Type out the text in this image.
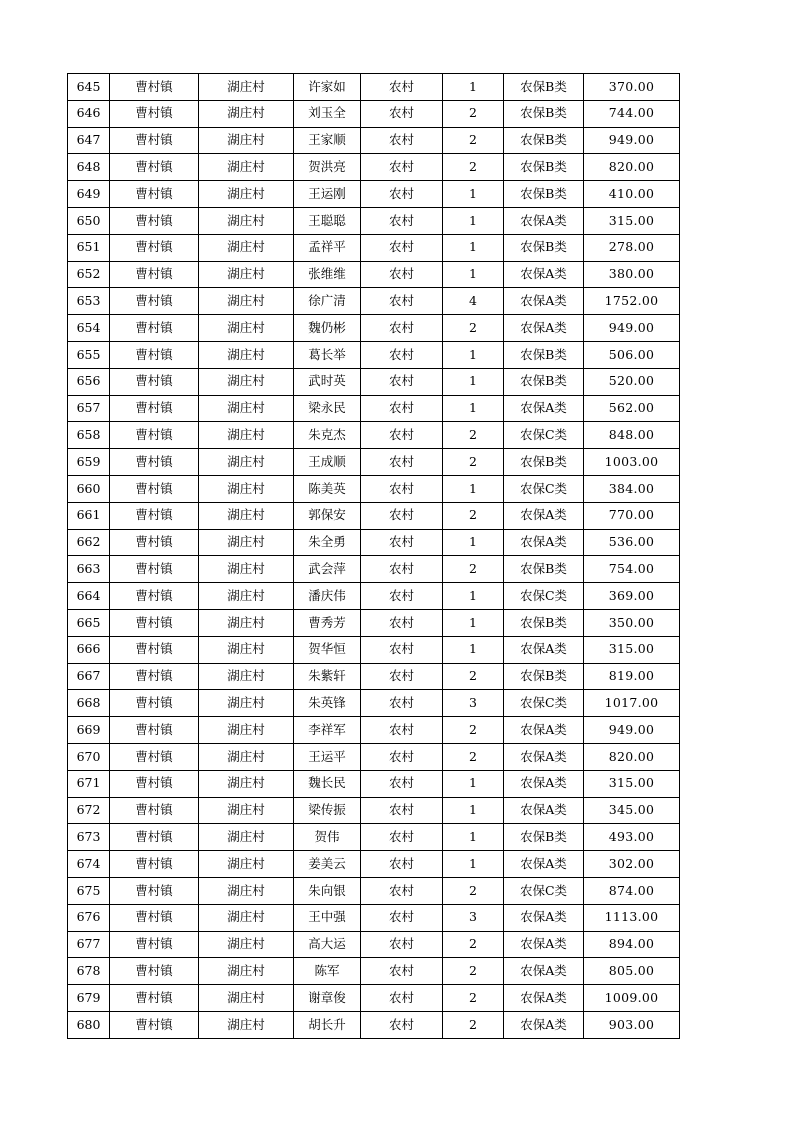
645	曹村镇	湖庄村	许家如	农村	1	农保B类	370.00
646	曹村镇	湖庄村	刘玉全	农村	2	农保B类	744.00
647	曹村镇	湖庄村	王家顺	农村	2	农保B类	949.00
648	曹村镇	湖庄村	贺洪亮	农村	2	农保B类	820.00
649	曹村镇	湖庄村	王运刚	农村	1	农保B类	410.00
650	曹村镇	湖庄村	王聪聪	农村	1	农保A类	315.00
651	曹村镇	湖庄村	孟祥平	农村	1	农保B类	278.00
652	曹村镇	湖庄村	张维维	农村	1	农保A类	380.00
653	曹村镇	湖庄村	徐广清	农村	4	农保A类	1752.00
654	曹村镇	湖庄村	魏仍彬	农村	2	农保A类	949.00
655	曹村镇	湖庄村	葛长举	农村	1	农保B类	506.00
656	曹村镇	湖庄村	武时英	农村	1	农保B类	520.00
657	曹村镇	湖庄村	梁永民	农村	1	农保A类	562.00
658	曹村镇	湖庄村	朱克杰	农村	2	农保C类	848.00
659	曹村镇	湖庄村	王成顺	农村	2	农保B类	1003.00
660	曹村镇	湖庄村	陈美英	农村	1	农保C类	384.00
661	曹村镇	湖庄村	郭保安	农村	2	农保A类	770.00
662	曹村镇	湖庄村	朱全勇	农村	1	农保A类	536.00
663	曹村镇	湖庄村	武会萍	农村	2	农保B类	754.00
664	曹村镇	湖庄村	潘庆伟	农村	1	农保C类	369.00
665	曹村镇	湖庄村	曹秀芳	农村	1	农保B类	350.00
666	曹村镇	湖庄村	贺华恒	农村	1	农保A类	315.00
667	曹村镇	湖庄村	朱紫轩	农村	2	农保B类	819.00
668	曹村镇	湖庄村	朱英锋	农村	3	农保C类	1017.00
669	曹村镇	湖庄村	李祥军	农村	2	农保A类	949.00
670	曹村镇	湖庄村	王运平	农村	2	农保A类	820.00
671	曹村镇	湖庄村	魏长民	农村	1	农保A类	315.00
672	曹村镇	湖庄村	梁传振	农村	1	农保A类	345.00
673	曹村镇	湖庄村	贺伟	农村	1	农保B类	493.00
674	曹村镇	湖庄村	姜美云	农村	1	农保A类	302.00
675	曹村镇	湖庄村	朱向银	农村	2	农保C类	874.00
676	曹村镇	湖庄村	王中强	农村	3	农保A类	1113.00
677	曹村镇	湖庄村	高大运	农村	2	农保A类	894.00
678	曹村镇	湖庄村	陈军	农村	2	农保A类	805.00
679	曹村镇	湖庄村	谢章俊	农村	2	农保A类	1009.00
680	曹村镇	湖庄村	胡长升	农村	2	农保A类	903.00
